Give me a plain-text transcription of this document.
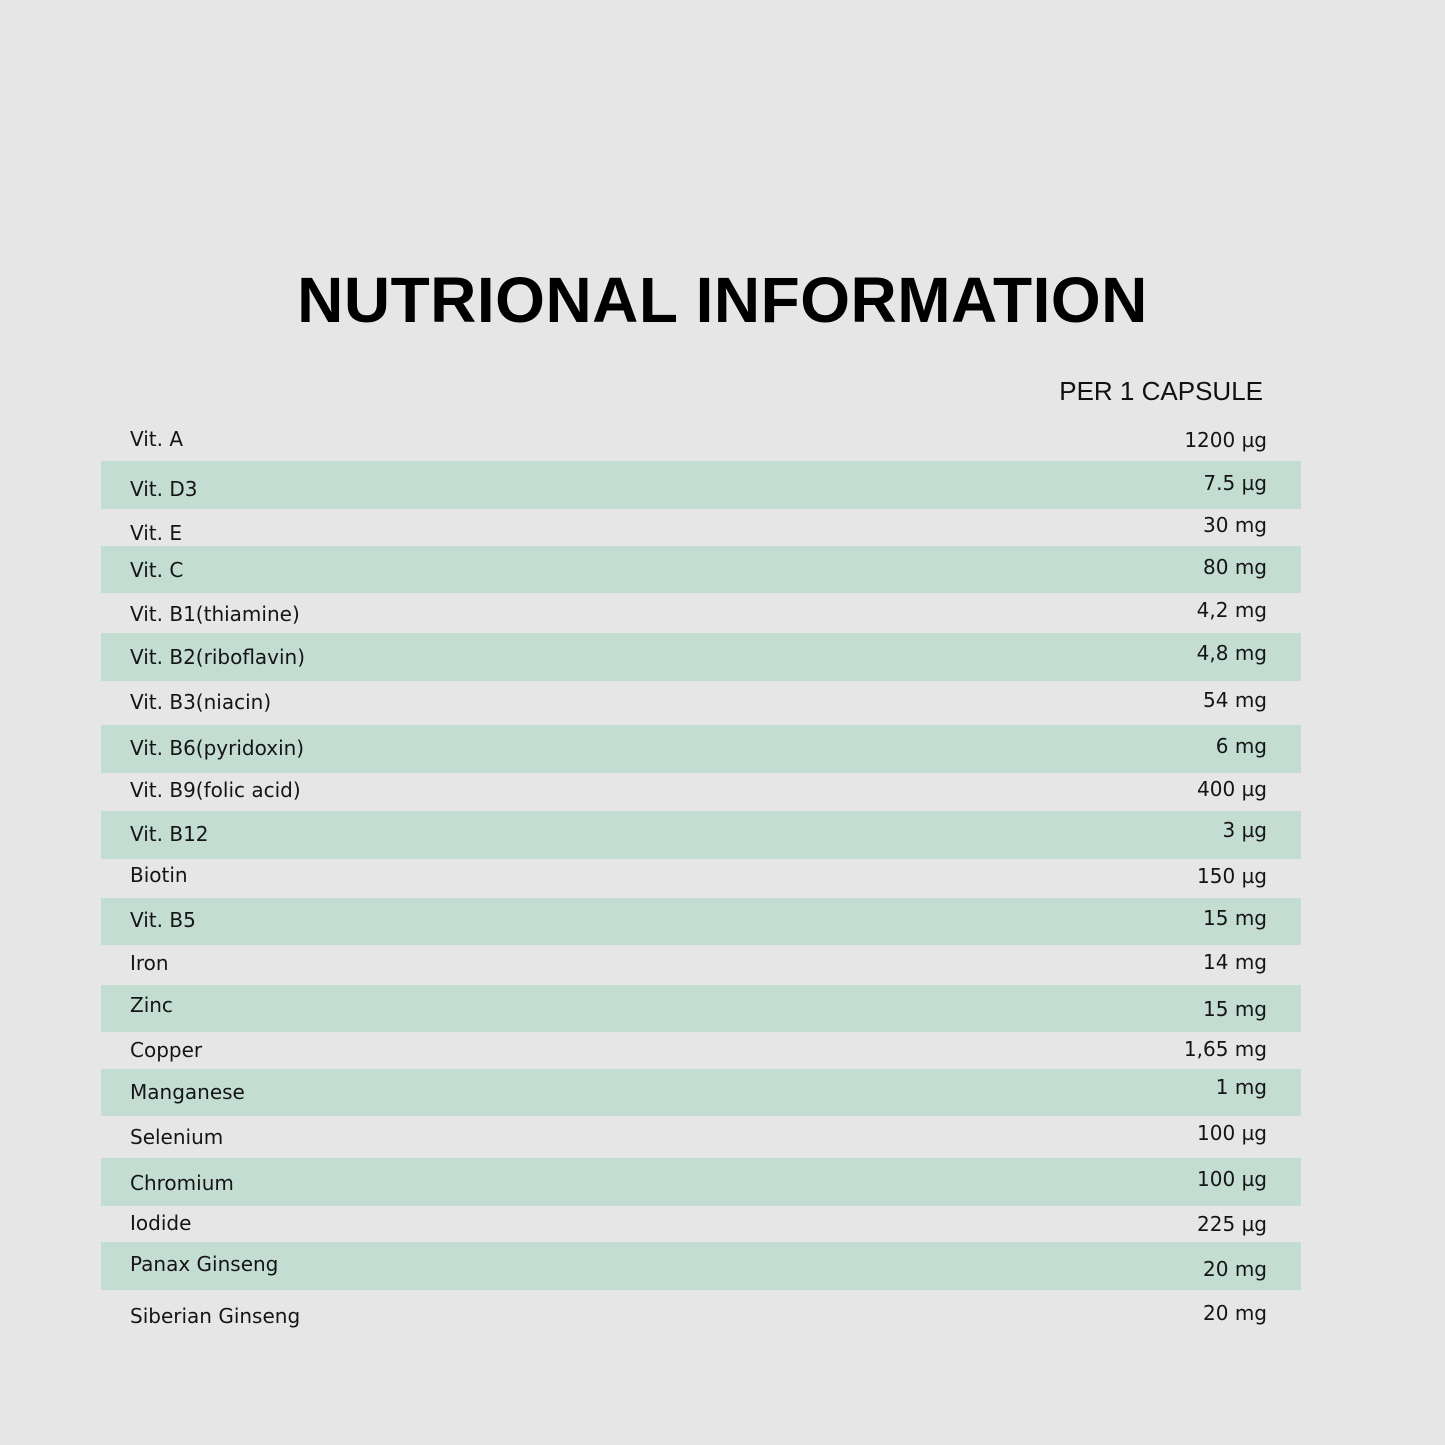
NUTRIONAL INFORMATION
PER 1 CAPSULE
Vit. A	1200 µg
Vit. D3	7.5 µg
Vit. E	30 mg
Vit. C	80 mg
Vit. B1(thiamine)	4,2 mg
Vit. B2(riboflavin)	4,8 mg
Vit. B3(niacin)	54 mg
Vit. B6(pyridoxin)	6 mg
Vit. B9(folic acid)	400 µg
Vit. B12	3 µg
Biotin	150 µg
Vit. B5	15 mg
Iron	14 mg
Zinc	15 mg
Copper	1,65 mg
Manganese	1 mg
Selenium	100 µg
Chromium	100 µg
Iodide	225 µg
Panax Ginseng	20 mg
Siberian Ginseng	20 mg
